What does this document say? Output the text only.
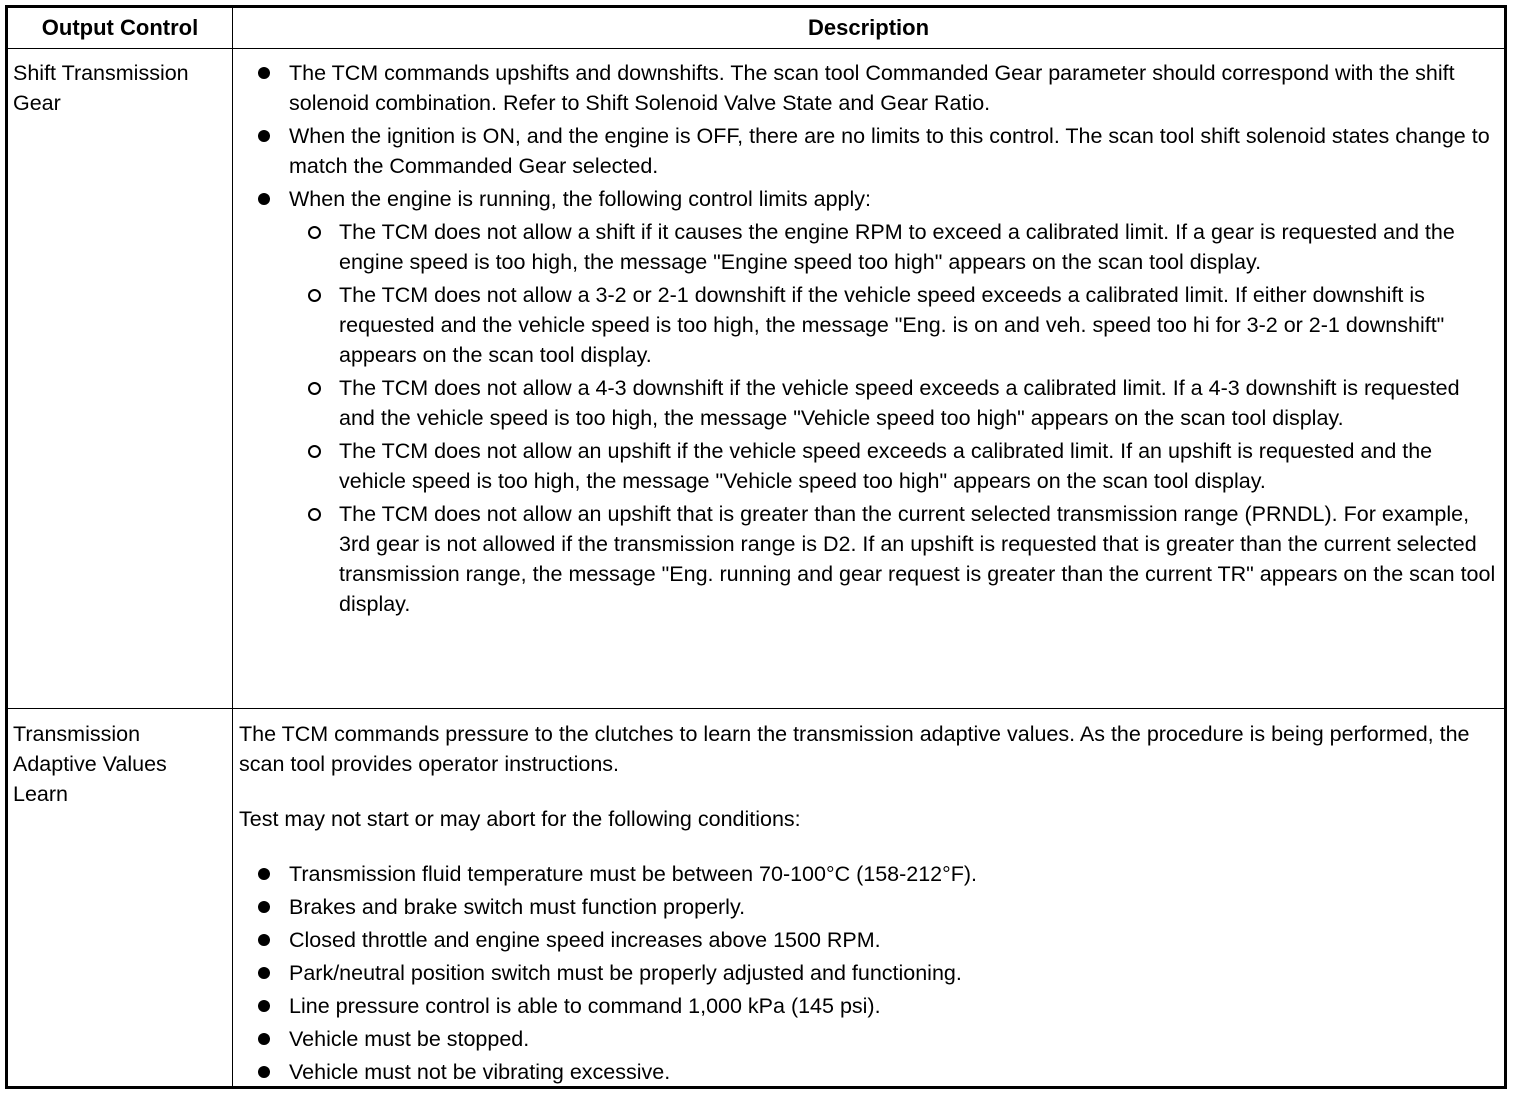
Output Control	Description
Shift Transmission Gear
The TCM commands upshifts and downshifts. The scan tool Commanded Gear parameter should correspond with the shift solenoid combination. Refer to Shift Solenoid Valve State and Gear Ratio.
When the ignition is ON, and the engine is OFF, there are no limits to this control. The scan tool shift solenoid states change to match the Commanded Gear selected.
When the engine is running, the following control limits apply:
The TCM does not allow a shift if it causes the engine RPM to exceed a calibrated limit. If a gear is requested and the engine speed is too high, the message "Engine speed too high" appears on the scan tool display.
The TCM does not allow a 3-2 or 2-1 downshift if the vehicle speed exceeds a calibrated limit. If either downshift is requested and the vehicle speed is too high, the message "Eng. is on and veh. speed too hi for 3-2 or 2-1 downshift" appears on the scan tool display.
The TCM does not allow a 4-3 downshift if the vehicle speed exceeds a calibrated limit. If a 4-3 downshift is requested and the vehicle speed is too high, the message "Vehicle speed too high" appears on the scan tool display.
The TCM does not allow an upshift if the vehicle speed exceeds a calibrated limit. If an upshift is requested and the vehicle speed is too high, the message "Vehicle speed too high" appears on the scan tool display.
The TCM does not allow an upshift that is greater than the current selected transmission range (PRNDL). For example, 3rd gear is not allowed if the transmission range is D2. If an upshift is requested that is greater than the current selected transmission range, the message "Eng. running and gear request is greater than the current TR" appears on the scan tool display.
Transmission Adaptive Values Learn

The TCM commands pressure to the clutches to learn the transmission adaptive values. As the procedure is being performed, the scan tool provides operator instructions.

Test may not start or may abort for the following conditions:

Transmission fluid temperature must be between 70-100°C (158-212°F).
Brakes and brake switch must function properly.
Closed throttle and engine speed increases above 1500 RPM.
Park/neutral position switch must be properly adjusted and functioning.
Line pressure control is able to command 1,000 kPa (145 psi).
Vehicle must be stopped.
Vehicle must not be vibrating excessive.
